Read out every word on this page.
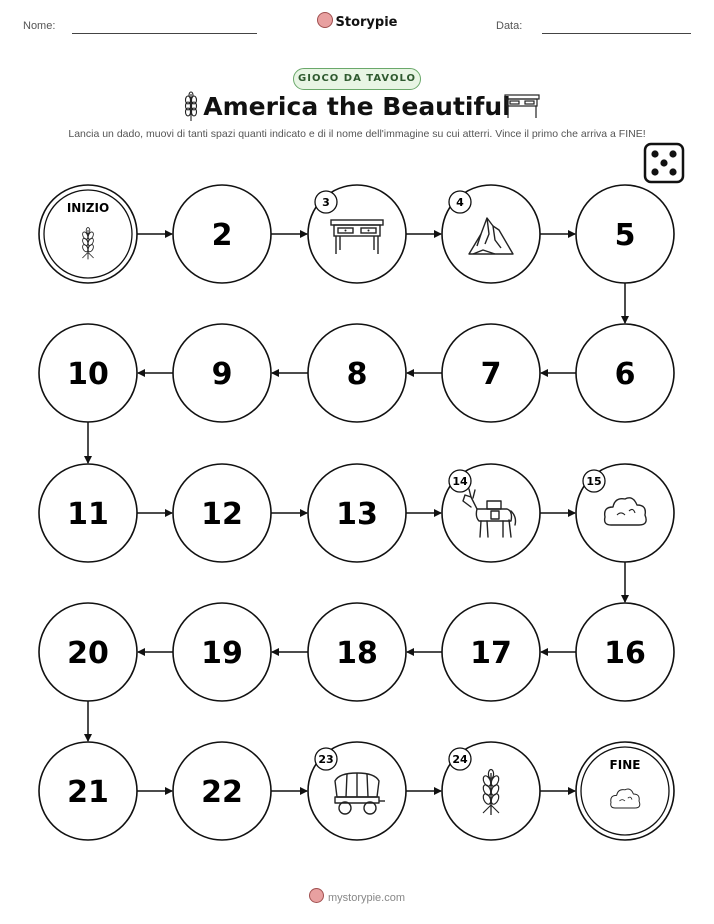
Nome:	Storypie	Data:
GIOCO DA TAVOLO
America the Beautiful
Lancia un dado, muovi di tanti spazi quanti indicato e di il nome dell'immagine su cui atterri. Vince il primo che arriva a FINE!
INIZIO
2
3	4
5
6
7
8
9
10
11	12	13
14	15
16
17
18
19
20
21	22
23	24	FINE
mystorypie.com
